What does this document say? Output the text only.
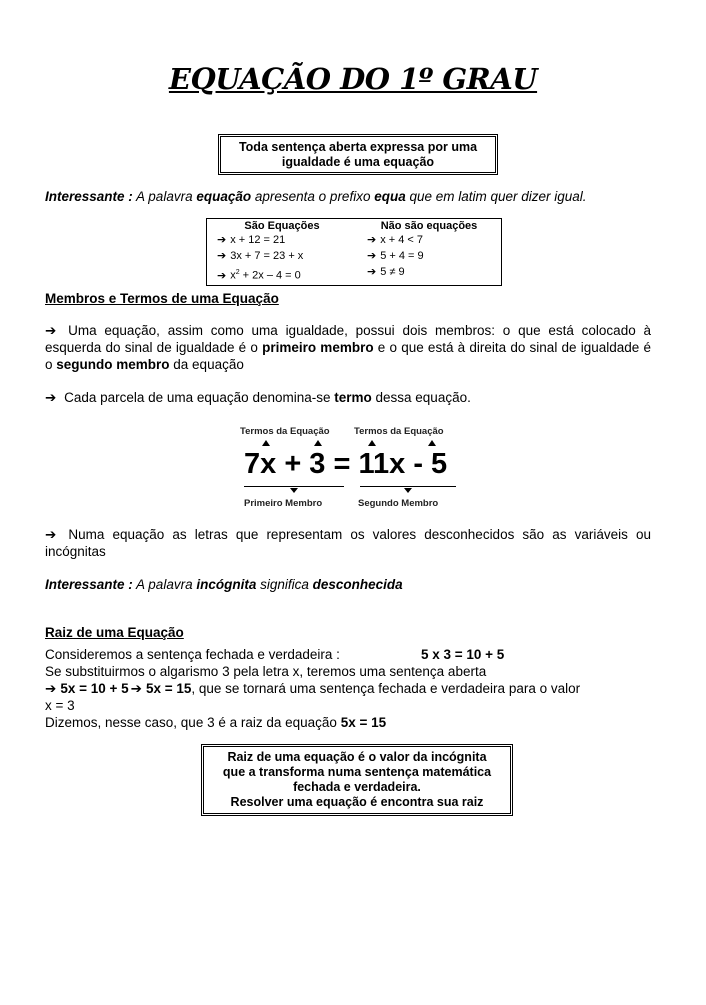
EQUAÇÃO DO 1º GRAU
Toda sentença aberta expressa por uma
igualdade é uma equação
Interessante : A palavra equação apresenta o prefixo equa que em latim quer dizer igual.
São Equações	Não são equações
➔ x + 12 = 21	➔ x + 4 < 7
➔ 3x + 7 = 23 + x	➔ 5 + 4 = 9
➔ $x^2 + 2x - 4 = 0$	➔ 5 ≠ 9
Membros e Termos de uma Equação
➔ Uma equação, assim como uma igualdade, possui dois membros: o que está colocado à esquerda do sinal de igualdade é o primeiro membro e o que está à direita do sinal de igualdade é o segundo membro da equação
➔ Cada parcela de uma equação denomina-se termo dessa equação.
Termos da Equação	Termos da Equação
7x + 3 = 11x - 5
Primeiro Membro	Segundo Membro
➔ Numa equação as letras que representam os valores desconhecidos são as variáveis ou incógnitas
Interessante : A palavra incógnita significa desconhecida
Raiz de uma Equação
Consideremos a sentença fechada e verdadeira :	5 x 3 = 10 + 5
Se substituirmos o algarismo 3 pela letra x, teremos uma sentença aberta
➔ 5x = 10 + 5 ➔ 5x = 15, que se tornará uma sentença fechada e verdadeira para o valor
x = 3
Dizemos, nesse caso, que 3 é a raiz da equação 5x = 15
Raiz de uma equação é o valor da incógnita
que a transforma numa sentença matemática
fechada e verdadeira.
Resolver uma equação é encontra sua raiz
